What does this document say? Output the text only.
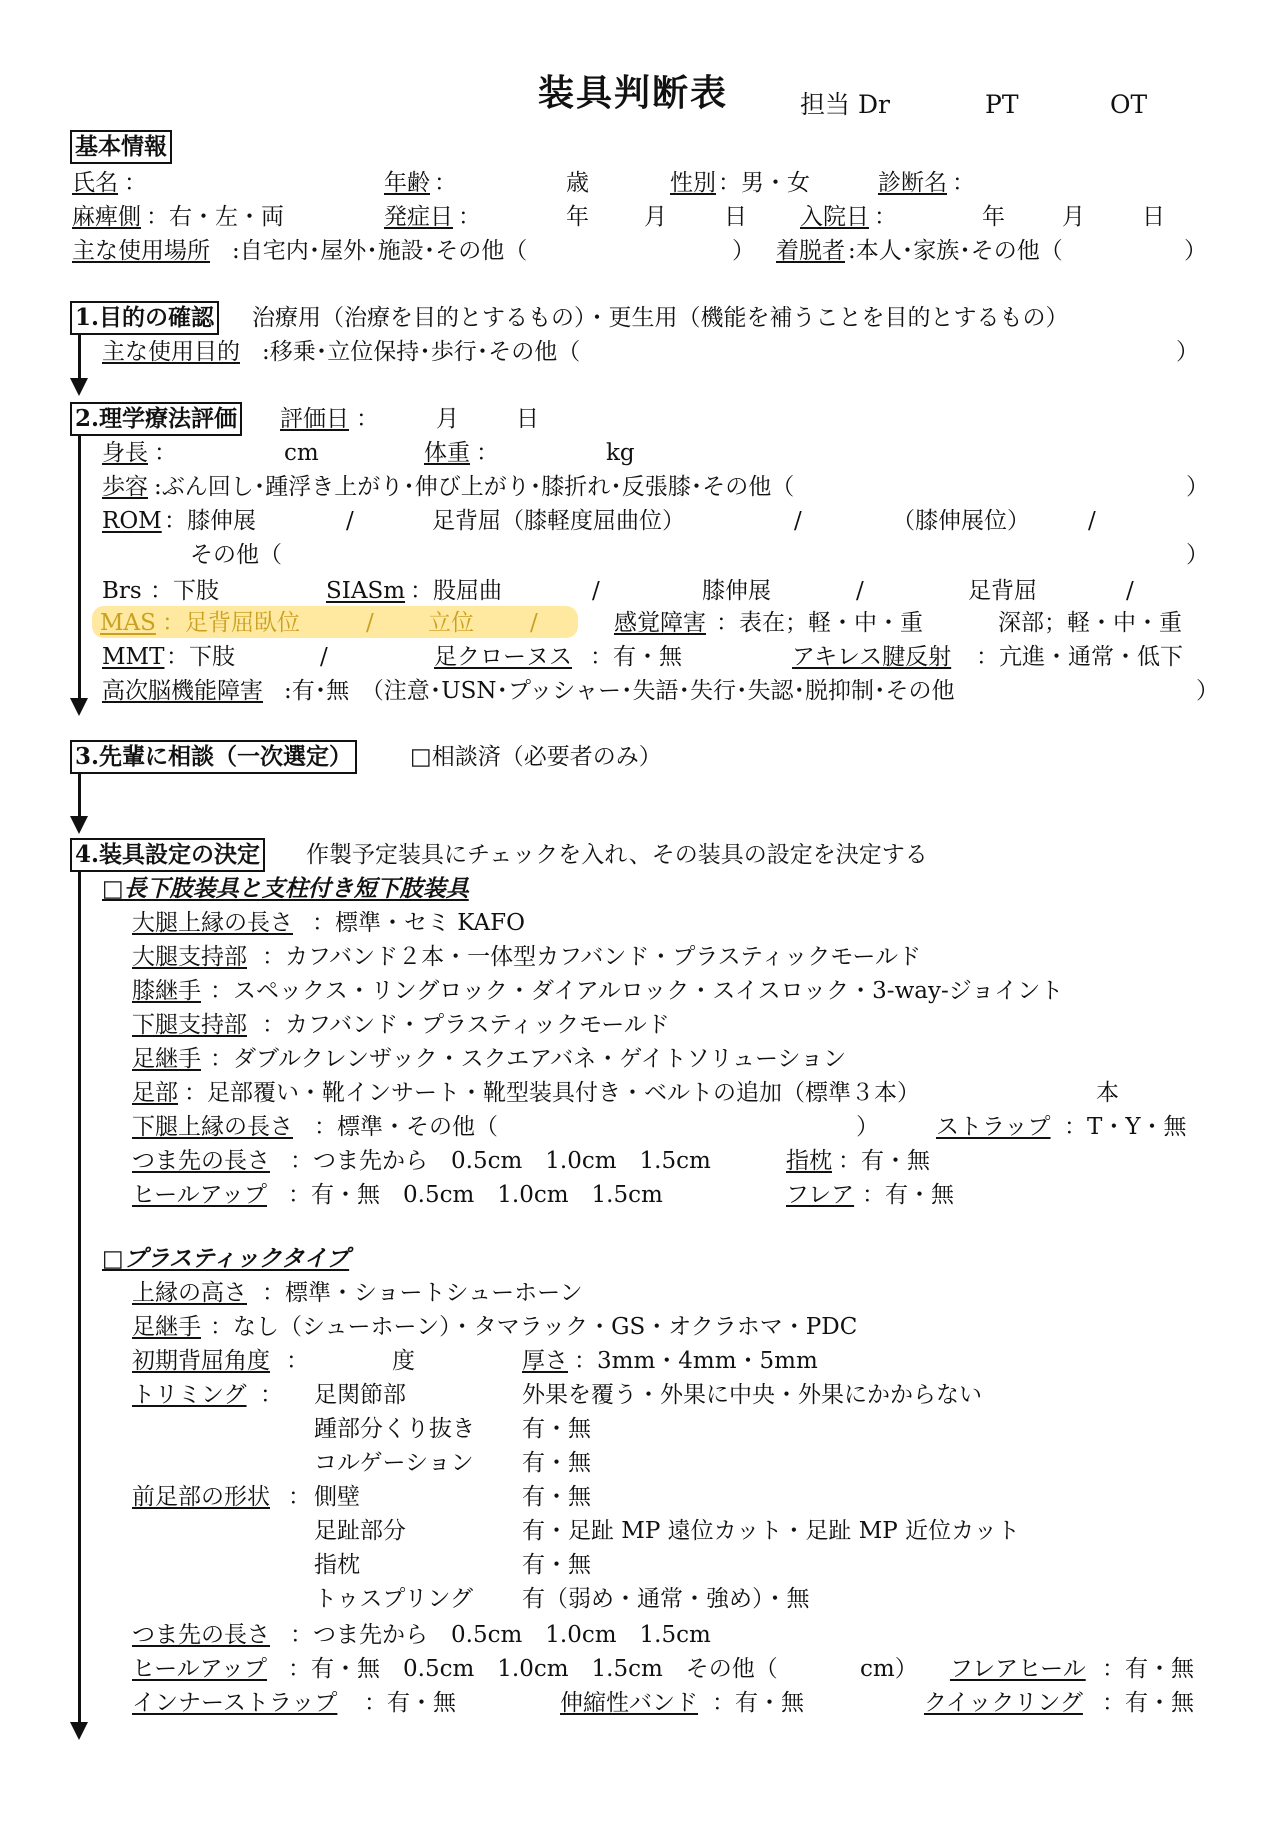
装具判断表	担当 Dr	PT	OT
基本情報
氏名 ：	年齢 ：	歳	性別 ：男・女	診断名 ：
麻痺側 ：右・左・両	発症日 ：	年 月 日 入院日 ：	年 月 日
主な使用場所 :自宅内･屋外･施設･その他（	） 着脱者 :本人･家族･その他（	）
1.目的の確認 治療用（治療を目的とするもの）・更生用（機能を補うことを目的とするもの）
主な使用目的 :移乗･立位保持･歩行･その他（	）
2.理学療法評価 評価日 ： 月 日
身長 ：	cm	体重 ：	kg
歩容 :ぶん回し･踵浮き上がり･伸び上がり･膝折れ･反張膝･その他（	）
ROM ：膝伸展	/	足背屈（膝軽度屈曲位）	/	（膝伸展位）	/
その他（	）
Brs ：下肢	SIASm ：股屈曲	/	膝伸展	/	足背屈	/
MAS ：足背屈臥位	/ 立位 /	感覚障害 ：表在；軽・中・重	深部；軽・中・重
MMT ：下肢	/	足クローヌス ：有・無	アキレス腱反射 ：亢進・通常・低下
高次脳機能障害 :有･無　（注意･USN･プッシャー･失語･失行･失認･脱抑制･その他	）
3.先輩に相談（一次選定）	□相談済（必要者のみ）
4.装具設定の決定 作製予定装具にチェックを入れ、その装具の設定を決定する
□長下肢装具と支柱付き短下肢装具
大腿上縁の長さ ：標準・セミ KAFO
大腿支持部 ：カフバンド２本・一体型カフバンド・プラスティックモールド
膝継手 ：スペックス・リングロック・ダイアルロック・スイスロック・3-way-ジョイント
下腿支持部 ：カフバンド・プラスティックモールド
足継手 ：ダブルクレンザック・スクエアバネ・ゲイトソリューション
足部 ：足部覆い・靴インサート・靴型装具付き・ベルトの追加（標準３本）	本
下腿上縁の長さ ：標準・その他（	） ストラップ ：T・Y・無
つま先の長さ ：つま先から　0.5cm　1.0cm　1.5cm	指枕 ：有・無
ヒールアップ ：有・無　0.5cm　1.0cm　1.5cm	フレア ：有・無
□プラスティックタイプ
上縁の高さ ：標準・ショートシューホーン
足継手 ：なし（シューホーン）・タマラック・GS・オクラホマ・PDC
初期背屈角度 ：	度	厚さ ：3mm・4mm・5mm
トリミング ： 足関節部	外果を覆う・外果に中央・外果にかからない
踵部分くり抜き 有・無
コルゲーション 有・無
前足部の形状 ： 側壁	有・無
足趾部分	有・足趾 MP 遠位カット・足趾 MP 近位カット
指枕	有・無
トゥスプリング 有（弱め・通常・強め）・無
つま先の長さ ：つま先から　0.5cm　1.0cm　1.5cm
ヒールアップ ：有・無　0.5cm　1.0cm　1.5cm　その他（	cm） フレアヒール ：有・無
インナーストラップ ：有・無	伸縮性バンド ：有・無	クイックリング ：有・無
